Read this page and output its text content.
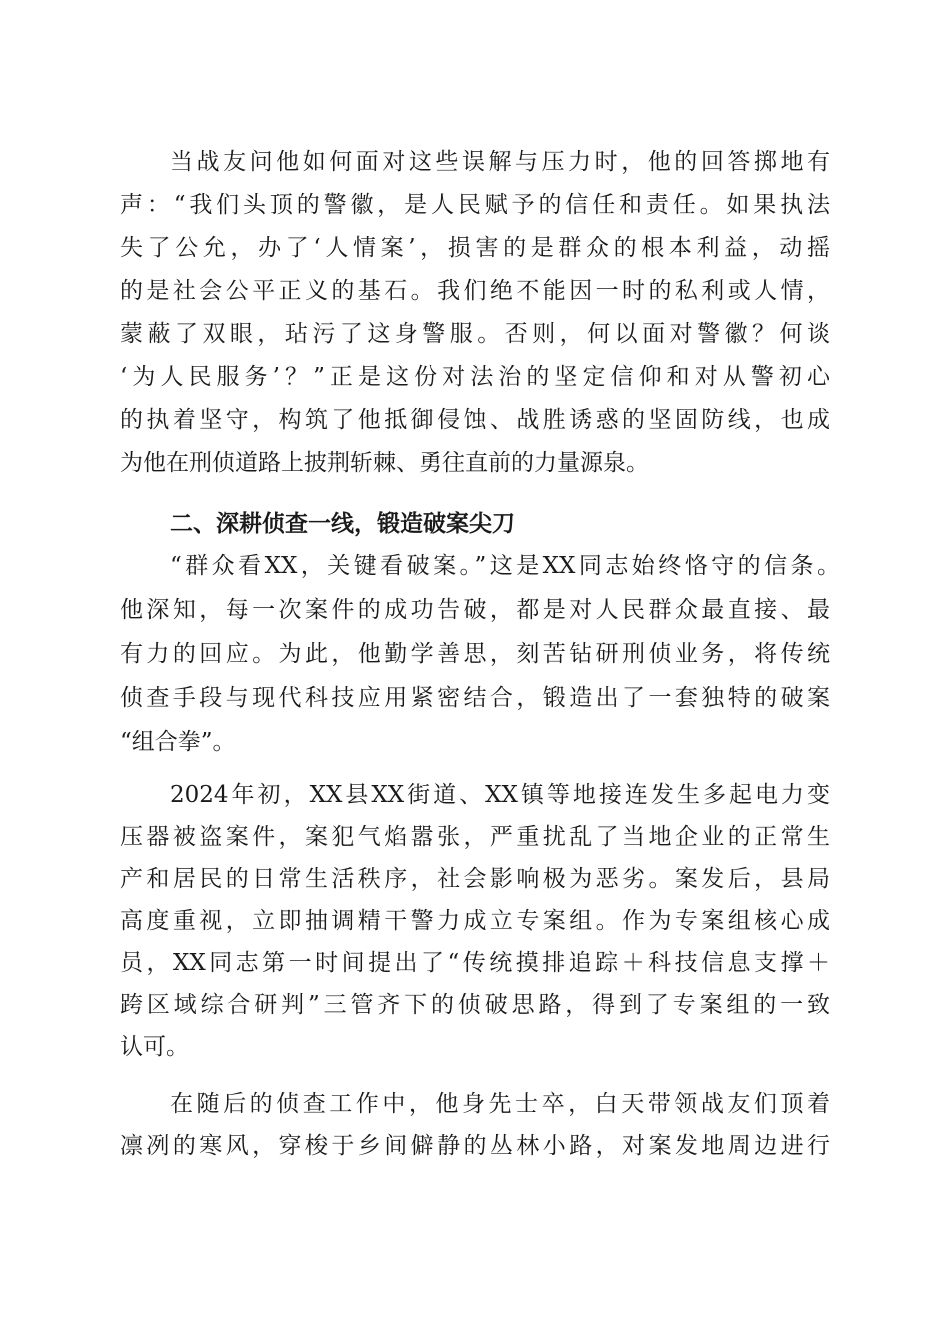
当战友问他如何面对这些误解与压力时，他的回答掷地有
声：“我们头顶的警徽，是人民赋予的信任和责任。如果执法
失了公允，办了‘人情案’，损害的是群众的根本利益，动摇
的是社会公平正义的基石。我们绝不能因一时的私利或人情，
蒙蔽了双眼，玷污了这身警服。否则，何以面对警徽？何谈
‘为人民服务’？”正是这份对法治的坚定信仰和对从警初心
的执着坚守，构筑了他抵御侵蚀、战胜诱惑的坚固防线，也成
为他在刑侦道路上披荆斩棘、勇往直前的力量源泉。
二、深耕侦查一线，锻造破案尖刀
“群众看XX，关键看破案。”这是XX同志始终恪守的信条。
他深知，每一次案件的成功告破，都是对人民群众最直接、最
有力的回应。为此，他勤学善思，刻苦钻研刑侦业务，将传统
侦查手段与现代科技应用紧密结合，锻造出了一套独特的破案
“组合拳”。
2024年初，XX县XX街道、XX镇等地接连发生多起电力变
压器被盗案件，案犯气焰嚣张，严重扰乱了当地企业的正常生
产和居民的日常生活秩序，社会影响极为恶劣。案发后，县局
高度重视，立即抽调精干警力成立专案组。作为专案组核心成
员，XX同志第一时间提出了“传统摸排追踪＋科技信息支撑＋
跨区域综合研判”三管齐下的侦破思路，得到了专案组的一致
认可。
在随后的侦查工作中，他身先士卒，白天带领战友们顶着
凛冽的寒风，穿梭于乡间僻静的丛林小路，对案发地周边进行
